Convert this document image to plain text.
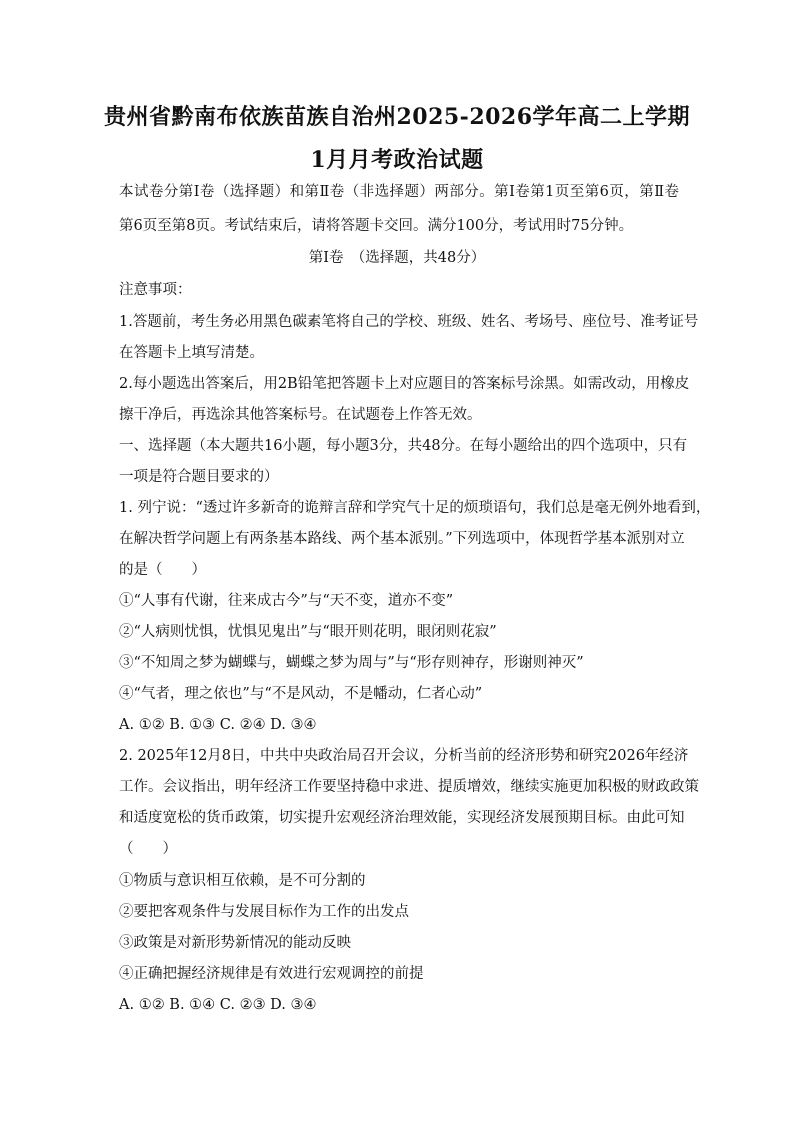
贵州省黔南布依族苗族自治州2025-2026学年高二上学期
1月月考政治试题
本试卷分第Ⅰ卷（选择题）和第Ⅱ卷（非选择题）两部分。第Ⅰ卷第1页至第6页，第Ⅱ卷
第6页至第8页。考试结束后，请将答题卡交回。满分100分，考试用时75分钟。
第Ⅰ卷　（选择题，共48分）
注意事项：
1.答题前，考生务必用黑色碳素笔将自己的学校、班级、姓名、考场号、座位号、准考证号
在答题卡上填写清楚。
2.每小题选出答案后，用2B铅笔把答题卡上对应题目的答案标号涂黑。如需改动，用橡皮
擦干净后，再选涂其他答案标号。在试题卷上作答无效。
一、选择题（本大题共16小题，每小题3分，共48分。在每小题给出的四个选项中，只有
一项是符合题目要求的）
1. 列宁说：“透过许多新奇的诡辩言辞和学究气十足的烦琐语句，我们总是毫无例外地看到，
在解决哲学问题上有两条基本路线、两个基本派别。”下列选项中，体现哲学基本派别对立
的是（　　）
①“人事有代谢，往来成古今”与“天不变，道亦不变”
②“人病则忧惧，忧惧见鬼出”与“眼开则花明，眼闭则花寂”
③“不知周之梦为蝴蝶与，蝴蝶之梦为周与”与“形存则神存，形谢则神灭”
④“气者，理之依也”与“不是风动，不是幡动，仁者心动”
A. ①② B. ①③ C. ②④ D. ③④
2. 2025年12月8日，中共中央政治局召开会议，分析当前的经济形势和研究2026年经济
工作。会议指出，明年经济工作要坚持稳中求进、提质增效，继续实施更加积极的财政政策
和适度宽松的货币政策，切实提升宏观经济治理效能，实现经济发展预期目标。由此可知
（　　）
①物质与意识相互依赖，是不可分割的
②要把客观条件与发展目标作为工作的出发点
③政策是对新形势新情况的能动反映
④正确把握经济规律是有效进行宏观调控的前提
A. ①② B. ①④ C. ②③ D. ③④
